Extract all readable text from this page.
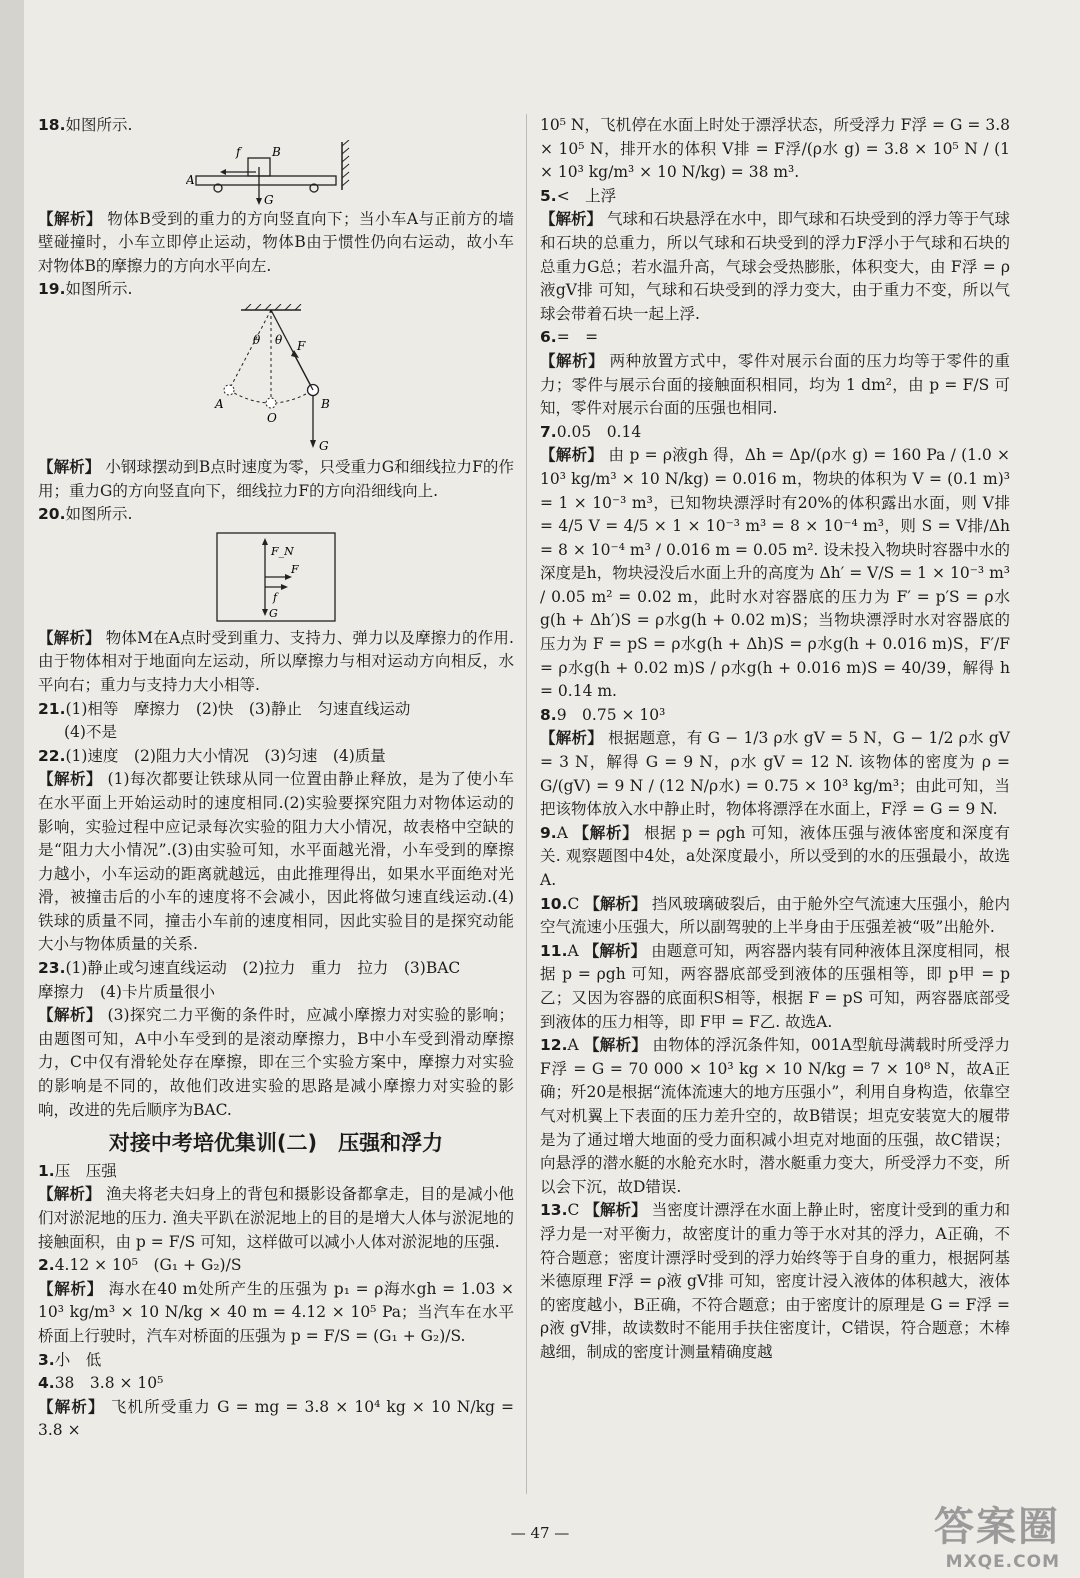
18.如图所示.

f	B
A
G

【解析】 物体B受到的重力的方向竖直向下；当小车A与正前方的墙壁碰撞时，小车立即停止运动，物体B由于惯性仍向右运动，故小车对物体B的摩擦力的方向水平向左.

19.如图所示.

θ θ F
A
O
B
G

【解析】 小钢球摆动到B点时速度为零，只受重力G和细线拉力F的作用；重力G的方向竖直向下，细线拉力F的方向沿细线向上.

20.如图所示.

F_N
F
f
G

【解析】 物体M在A点时受到重力、支持力、弹力以及摩擦力的作用. 由于物体相对于地面向左运动，所以摩擦力与相对运动方向相反，水平向右；重力与支持力大小相等.

21.(1)相等　摩擦力　(2)快　(3)静止　匀速直线运动

(4)不是

22.(1)速度　(2)阻力大小情况　(3)匀速　(4)质量

【解析】 (1)每次都要让铁球从同一位置由静止释放，是为了使小车在水平面上开始运动时的速度相同.(2)实验要探究阻力对物体运动的影响，实验过程中应记录每次实验的阻力大小情况，故表格中空缺的是“阻力大小情况”.(3)由实验可知，水平面越光滑，小车受到的摩擦力越小，小车运动的距离就越远，由此推理得出，如果水平面绝对光滑，被撞击后的小车的速度将不会减小，因此将做匀速直线运动.(4)铁球的质量不同，撞击小车前的速度相同，因此实验目的是探究动能大小与物体质量的关系.

23.(1)静止或匀速直线运动　(2)拉力　重力　拉力　(3)BAC

摩擦力　(4)卡片质量很小

【解析】 (3)探究二力平衡的条件时，应减小摩擦力对实验的影响；由题图可知，A中小车受到的是滚动摩擦力，B中小车受到滑动摩擦力，C中仅有滑轮处存在摩擦，即在三个实验方案中，摩擦力对实验的影响是不同的，故他们改进实验的思路是减小摩擦力对实验的影响，改进的先后顺序为BAC.

对接中考培优集训(二)　压强和浮力

1.压　压强

【解析】 渔夫将老夫妇身上的背包和摄影设备都拿走，目的是减小他们对淤泥地的压力. 渔夫平趴在淤泥地上的目的是增大人体与淤泥地的接触面积，由 p = F/S 可知，这样做可以减小人体对淤泥地的压强.

2.4.12 × 10⁵　(G₁ + G₂)/S

【解析】 海水在40 m处所产生的压强为 p₁ = ρ海水gh = 1.03 × 10³ kg/m³ × 10 N/kg × 40 m = 4.12 × 10⁵ Pa；当汽车在水平桥面上行驶时，汽车对桥面的压强为 p = F/S = (G₁ + G₂)/S.

3.小　低

4.38　3.8 × 10⁵

【解析】 飞机所受重力 G = mg = 3.8 × 10⁴ kg × 10 N/kg = 3.8 ×

10⁵ N，飞机停在水面上时处于漂浮状态，所受浮力 F浮 = G = 3.8 × 10⁵ N，排开水的体积 V排 = F浮/(ρ水 g) = 3.8 × 10⁵ N / (1 × 10³ kg/m³ × 10 N/kg) = 38 m³.

5.<　上浮

【解析】 气球和石块悬浮在水中，即气球和石块受到的浮力等于气球和石块的总重力，所以气球和石块受到的浮力F浮小于气球和石块的总重力G总；若水温升高，气球会受热膨胀，体积变大，由 F浮 = ρ液gV排 可知，气球和石块受到的浮力变大，由于重力不变，所以气球会带着石块一起上浮.

6.=　=

【解析】 两种放置方式中，零件对展示台面的压力均等于零件的重力；零件与展示台面的接触面积相同，均为 1 dm²，由 p = F/S 可知，零件对展示台面的压强也相同.

7.0.05　0.14

【解析】 由 p = ρ液gh 得，Δh = Δp/(ρ水 g) = 160 Pa / (1.0 × 10³ kg/m³ × 10 N/kg) = 0.016 m，物块的体积为 V = (0.1 m)³ = 1 × 10⁻³ m³，已知物块漂浮时有20%的体积露出水面，则 V排 = 4/5 V = 4/5 × 1 × 10⁻³ m³ = 8 × 10⁻⁴ m³，则 S = V排/Δh = 8 × 10⁻⁴ m³ / 0.016 m = 0.05 m². 设未投入物块时容器中水的深度是h，物块浸没后水面上升的高度为 Δh′ = V/S = 1 × 10⁻³ m³ / 0.05 m² = 0.02 m，此时水对容器底的压力为 F′ = p′S = ρ水g(h + Δh′)S = ρ水g(h + 0.02 m)S；当物块漂浮时水对容器底的压力为 F = pS = ρ水g(h + Δh)S = ρ水g(h + 0.016 m)S，F′/F = ρ水g(h + 0.02 m)S / ρ水g(h + 0.016 m)S = 40/39，解得 h = 0.14 m.

8.9　0.75 × 10³

【解析】 根据题意，有 G − 1/3 ρ水 gV = 5 N，G − 1/2 ρ水 gV = 3 N，解得 G = 9 N，ρ水 gV = 12 N. 该物体的密度为 ρ = G/(gV) = 9 N / (12 N/ρ水) = 0.75 × 10³ kg/m³；由此可知，当把该物体放入水中静止时，物体将漂浮在水面上，F浮 = G = 9 N.

9.A 【解析】 根据 p = ρgh 可知，液体压强与液体密度和深度有关. 观察题图中4处，a处深度最小，所以受到的水的压强最小，故选A.

10.C 【解析】 挡风玻璃破裂后，由于舱外空气流速大压强小，舱内空气流速小压强大，所以副驾驶的上半身由于压强差被“吸”出舱外.

11.A 【解析】 由题意可知，两容器内装有同种液体且深度相同，根据 p = ρgh 可知，两容器底部受到液体的压强相等，即 p甲 = p乙；又因为容器的底面积S相等，根据 F = pS 可知，两容器底部受到液体的压力相等，即 F甲 = F乙. 故选A.

12.A 【解析】 由物体的浮沉条件知，001A型航母满载时所受浮力 F浮 = G = 70 000 × 10³ kg × 10 N/kg = 7 × 10⁸ N，故A正确；歼20是根据“流体流速大的地方压强小”，利用自身构造，依靠空气对机翼上下表面的压力差升空的，故B错误；坦克安装宽大的履带是为了通过增大地面的受力面积减小坦克对地面的压强，故C错误；向悬浮的潜水艇的水舱充水时，潜水艇重力变大，所受浮力不变，所以会下沉，故D错误.

13.C 【解析】 当密度计漂浮在水面上静止时，密度计受到的重力和浮力是一对平衡力，故密度计的重力等于水对其的浮力，A正确，不符合题意；密度计漂浮时受到的浮力始终等于自身的重力，根据阿基米德原理 F浮 = ρ液 gV排 可知，密度计浸入液体的体积越大，液体的密度越小，B正确，不符合题意；由于密度计的原理是 G = F浮 = ρ液 gV排，故读数时不能用手扶住密度计，C错误，符合题意；木棒越细，制成的密度计测量精确度越

— 47 —	答案圈
MXQE.COM
